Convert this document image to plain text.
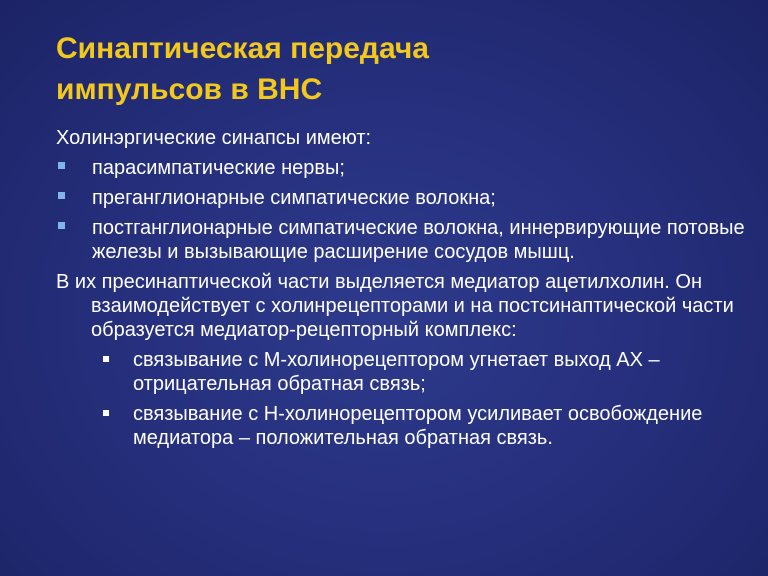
Синаптическая передача
импульсов в ВНС

Холинэргические синапсы имеют:

парасимпатические нервы;
преганглионарные симпатические волокна;
постганглионарные симпатические волокна, иннервирующие потовые железы и вызывающие расширение сосудов мышц.

В их пресинаптической части выделяется медиатор ацетилхолин. Он взаимодействует с холинрецепторами и на постсинаптической части образуется медиатор-рецепторный комплекс:

связывание с М-холинорецептором угнетает выход АХ – отрицательная обратная связь;
связывание с Н-холинорецептором усиливает освобождение медиатора – положительная обратная связь.
